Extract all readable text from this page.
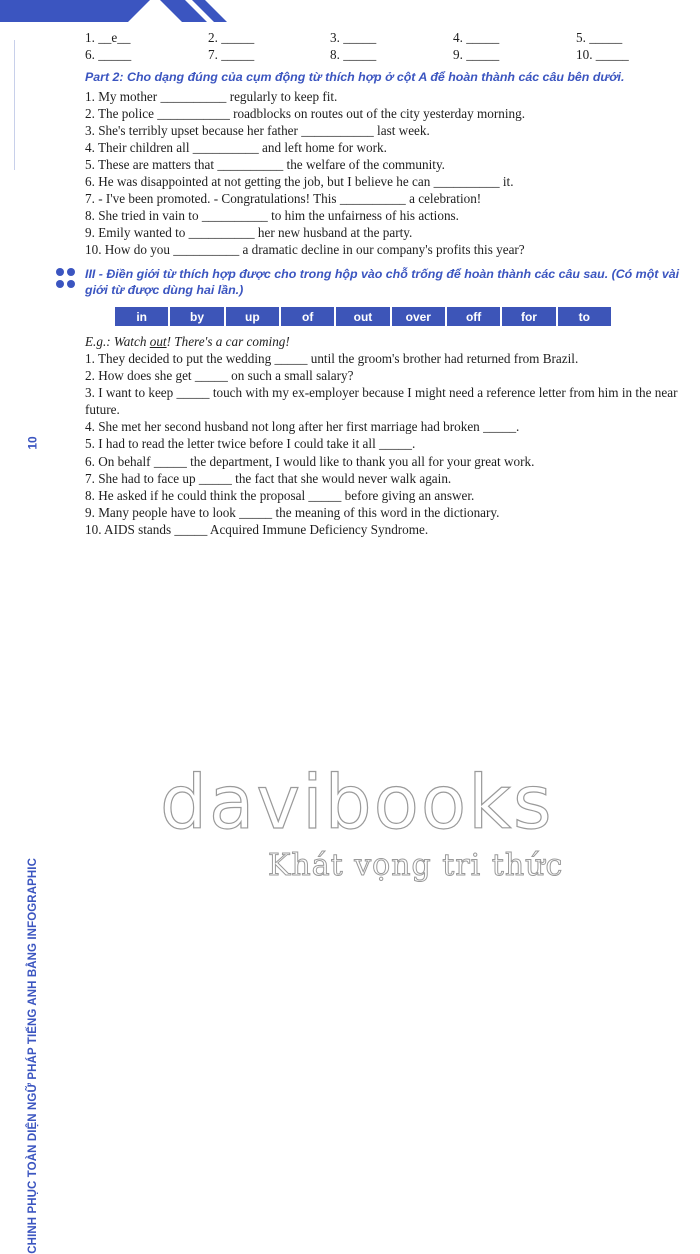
10
CHINH PHỤC TOÀN DIỆN NGỮ PHÁP TIẾNG ANH BẰNG INFOGRAPHIC
1. __e__	2. _____	3. _____	4. _____	5. _____
6. _____	7. _____	8. _____	9. _____	10. _____
Part 2: Cho dạng đúng của cụm động từ thích hợp ở cột A để hoàn thành các câu bên dưới.
1. My mother __________ regularly to keep fit.
2. The police ___________ roadblocks on routes out of the city yesterday morning.
3. She's terribly upset because her father ___________ last week.
4. Their children all __________ and left home for work.
5. These are matters that __________ the welfare of the community.
6. He was disappointed at not getting the job, but I believe he can __________ it.
7. - I've been promoted. - Congratulations! This __________ a celebration!
8. She tried in vain to __________ to him the unfairness of his actions.
9. Emily wanted to __________ her new husband at the party.
10. How do you __________ a dramatic decline in our company's profits this year?
III - Điền giới từ thích hợp được cho trong hộp vào chỗ trống để hoàn thành các câu sau. (Có một vài giới từ được dùng hai lần.)
in	by	up	of	out	over	off	for	to
E.g.: Watch out! There's a car coming!
1. They decided to put the wedding _____ until the groom's brother had returned from Brazil.
2. How does she get _____ on such a small salary?
3. I want to keep _____ touch with my ex-employer because I might need a reference letter from him in the near
future.
4. She met her second husband not long after her first marriage had broken _____.
5. I had to read the letter twice before I could take it all _____.
6. On behalf _____ the department, I would like to thank you all for your great work.
7. She had to face up _____ the fact that she would never walk again.
8. He asked if he could think the proposal _____ before giving an answer.
9. Many people have to look _____ the meaning of this word in the dictionary.
10. AIDS stands _____ Acquired Immune Deficiency Syndrome.
davibooks
Khát vọng tri thức
